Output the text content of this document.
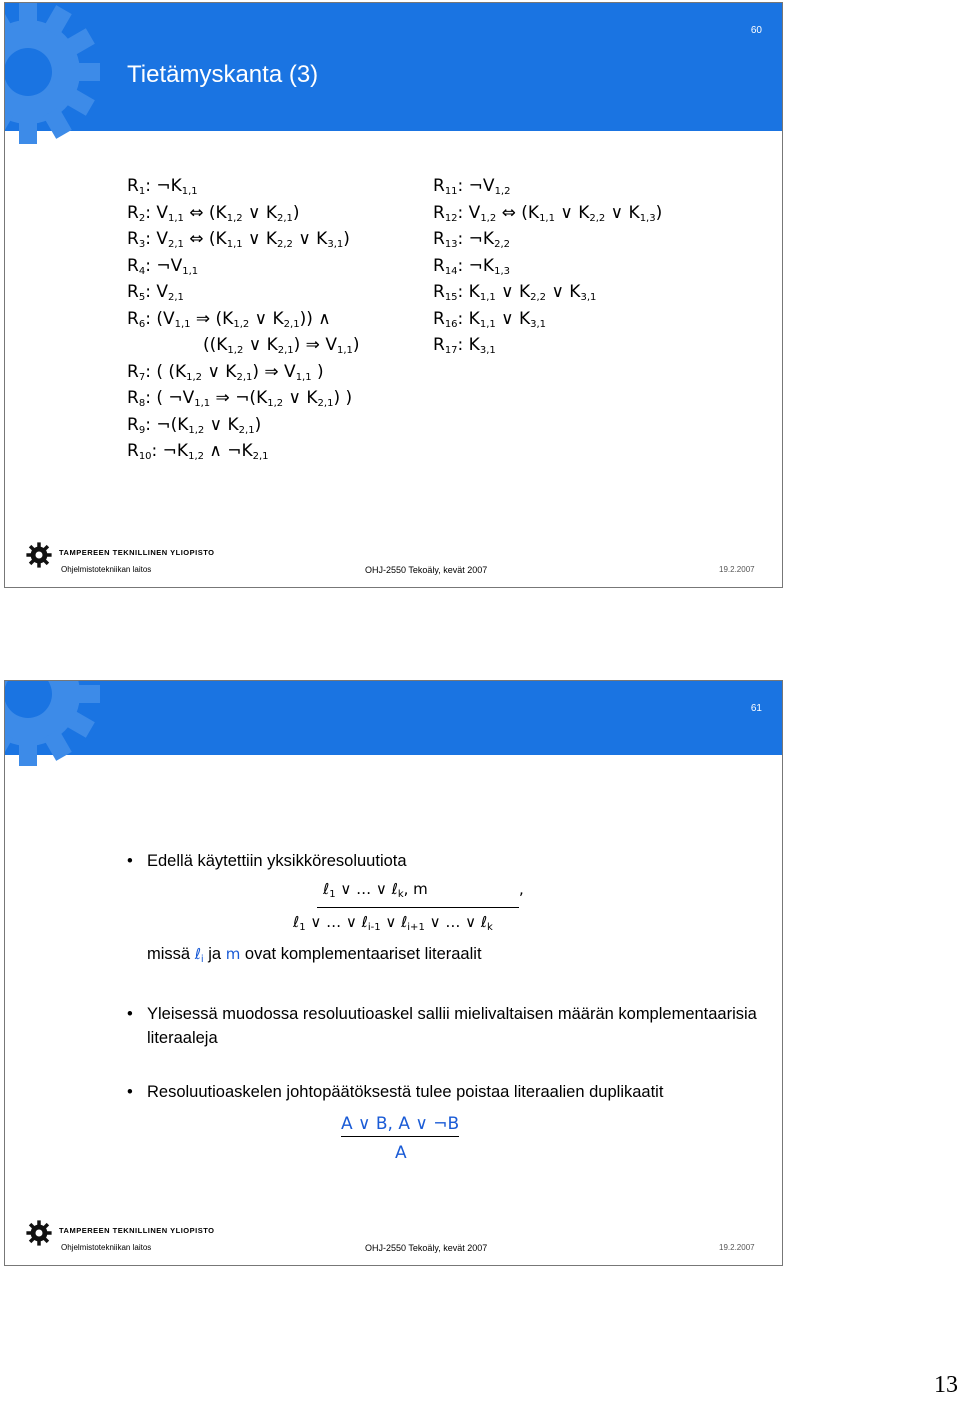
60
Tietämyskanta (3)
$R_1$: $\neg K_{1,1}$
$R_2$: $V_{1,1}$ ⇔ ($K_{1,2}$ ∨ $K_{2,1}$)
$R_3$: $V_{2,1}$ ⇔ ($K_{1,1}$ ∨ $K_{2,2}$ ∨ $K_{3,1}$)
$R_4$: $\neg V_{1,1}$
$R_5$: $V_{2,1}$
$R_6$: ($V_{1,1}$ ⇒ ($K_{1,2}$ ∨ $K_{2,1}$)) ∧
(($K_{1,2}$ ∨ $K_{2,1}$) ⇒ $V_{1,1}$)
$R_7$: ( ($K_{1,2}$ ∨ $K_{2,1}$) ⇒ $V_{1,1}$ )
$R_8$: ( $\neg V_{1,1}$ ⇒ $\neg(K_{1,2}$ ∨ $K_{2,1}$) )
$R_9$: $\neg(K_{1,2}$ ∨ $K_{2,1}$)
$R_{10}$: $\neg K_{1,2}$ ∧ $\neg K_{2,1}$
$R_{11}$: $\neg V_{1,2}$
$R_{12}$: $V_{1,2}$ ⇔ ($K_{1,1}$ ∨ $K_{2,2}$ ∨ $K_{1,3}$)
$R_{13}$: $\neg K_{2,2}$
$R_{14}$: $\neg K_{1,3}$
$R_{15}$: $K_{1,1}$ ∨ $K_{2,2}$ ∨ $K_{3,1}$
$R_{16}$: $K_{1,1}$ ∨ $K_{3,1}$
$R_{17}$: $K_{3,1}$
TAMPEREEN TEKNILLINEN YLIOPISTO
Ohjelmistotekniikan laitos	OHJ-2550 Tekoäly, kevät 2007	19.2.2007
61
• Edellä käytettiin yksikköresoluutiota
ℓ$_1$ ∨ … ∨ ℓ$_k$, m	,
ℓ$_1$ ∨ … ∨ ℓ$_{i-1}$ ∨ ℓ$_{i+1}$ ∨ … ∨ ℓ$_k$
missä ℓ$_i$ ja m ovat komplementaariset literaalit
• Yleisessä muodossa resoluutioaskel sallii mielivaltaisen määrän komplementaarisia literaaleja
• Resoluutioaskelen johtopäätöksestä tulee poistaa literaalien duplikaatit
A ∨ B, A ∨ ¬B
A
TAMPEREEN TEKNILLINEN YLIOPISTO
Ohjelmistotekniikan laitos	OHJ-2550 Tekoäly, kevät 2007	19.2.2007
13
